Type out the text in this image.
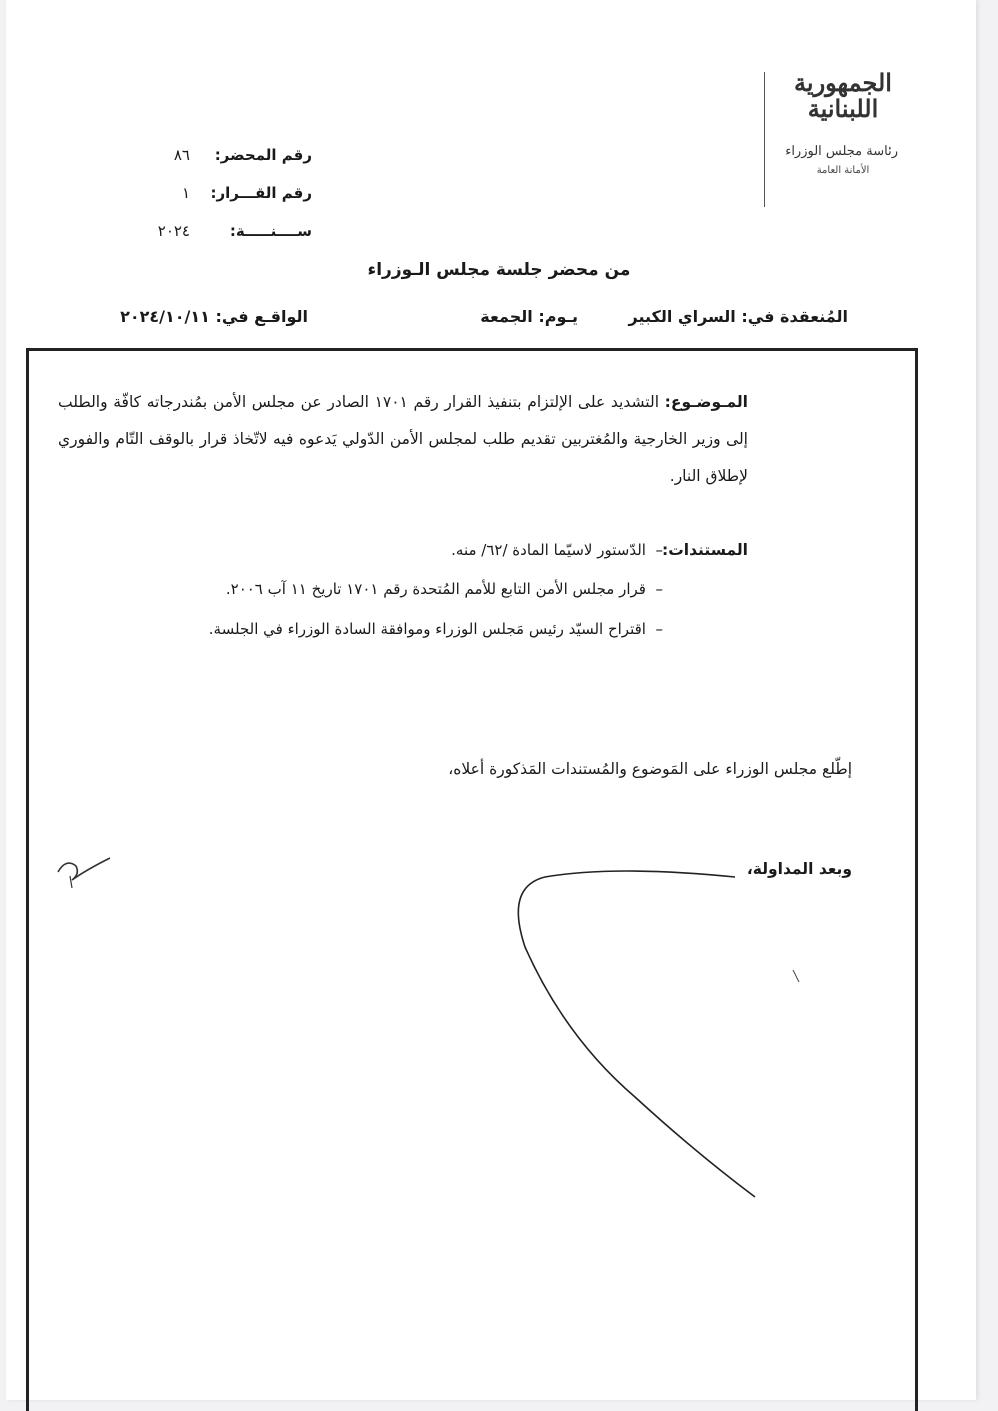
الجمهورية
اللبنانية
رئاسة مجلس الوزراء
الأمانة العامة
رقم المحضر:٨٦
رقم القـــرار:١
ســــنـــــة:٢٠٢٤
من محضر جلسة مجلس الـوزراء
المُنعقدة في: السراي الكبير
يـوم: الجمعة
الواقـع في: ٢٠٢٤/١٠/١١
المـوضـوع: التشديد على الإلتزام بتنفيذ القرار رقم ١٧٠١ الصادر عن مجلس الأمن بمُندرجاته كافّة والطلب إلى وزير الخارجية والمُغتربين تقديم طلب لمجلس الأمن الدّولي يَدعوه فيه لاتّخاذ قرار بالوقف التّام والفوري لإطلاق النار.
المستندات:
–  الدّستور لاسيّما المادة /٦٢/ منه.
–  قرار مجلس الأمن التابع للأمم المُتحدة رقم ١٧٠١ تاريخ ١١ آب ٢٠٠٦.
–  اقتراح السيّد رئيس مَجلس الوزراء وموافقة السادة الوزراء في الجلسة.
إطّلع مجلس الوزراء على المَوضوع والمُستندات المَذكورة أعلاه،
وبعد المداولة،
